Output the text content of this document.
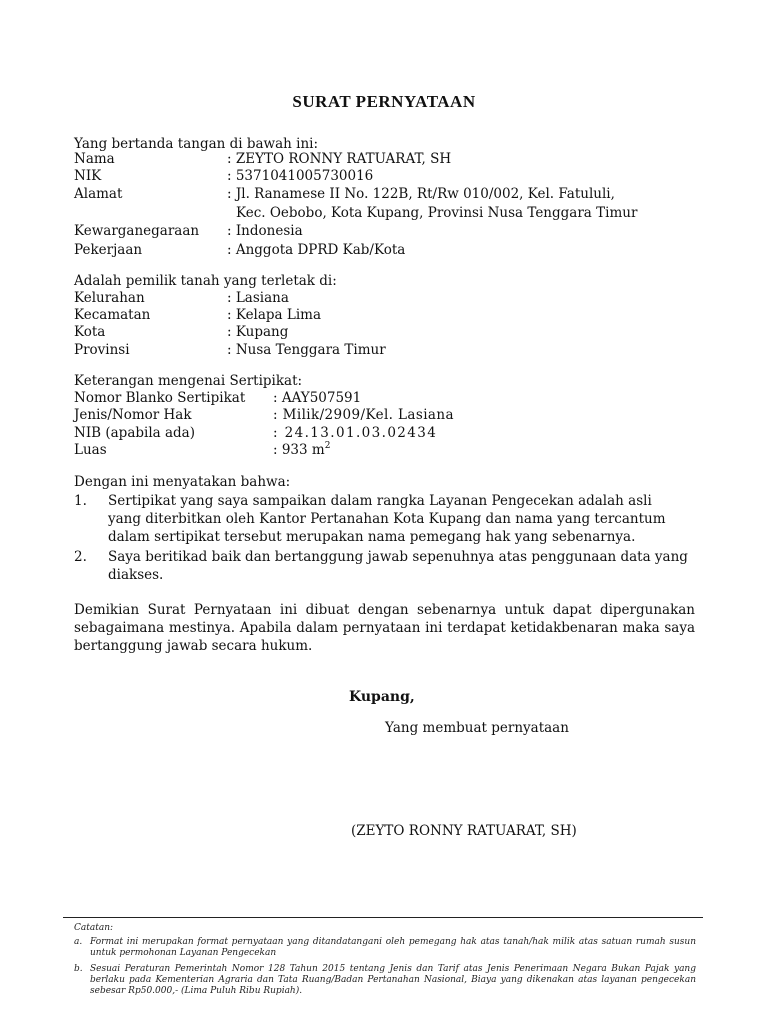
SURAT PERNYATAAN
Yang bertanda tangan di bawah ini:
Nama	: ZEYTO RONNY RATUARAT, SH
NIK	: 5371041005730016
Alamat	: Jl. Ranamese II No. 122B, Rt/Rw 010/002, Kel. Fatululi,
Kec. Oebobo, Kota Kupang, Provinsi Nusa Tenggara Timur
Kewarganegaraan : Indonesia
Pekerjaan	: Anggota DPRD Kab/Kota
Adalah pemilik tanah yang terletak di:
Kelurahan	: Lasiana
Kecamatan	: Kelapa Lima
Kota	: Kupang
Provinsi	: Nusa Tenggara Timur
Keterangan mengenai Sertipikat:
Nomor Blanko Sertipikat : AAY507591
Jenis/Nomor Hak	: Milik/2909/Kel. Lasiana
NIB (apabila ada)	: 24.13.01.03.02434
Luas	: 933 $m^2$
Dengan ini menyatakan bahwa:
1. Sertipikat yang saya sampaikan dalam rangka Layanan Pengecekan adalah asli
yang diterbitkan oleh Kantor Pertanahan Kota Kupang dan nama yang tercantum
dalam sertipikat tersebut merupakan nama pemegang hak yang sebenarnya.
2. Saya beritikad baik dan bertanggung jawab sepenuhnya atas penggunaan data yang
diakses.
Demikian Surat Pernyataan ini dibuat dengan sebenarnya untuk dapat dipergunakan sebagaimana mestinya. Apabila dalam pernyataan ini terdapat ketidakbenaran maka saya bertanggung jawab secara hukum.
Kupang,
Yang membuat pernyataan
(ZEYTO RONNY RATUARAT, SH)
Catatan:
a. Format ini merupakan format pernyataan yang ditandatangani oleh pemegang hak atas tanah/hak milik atas satuan rumah susun untuk permohonan Layanan Pengecekan
b. Sesuai Peraturan Pemerintah Nomor 128 Tahun 2015 tentang Jenis dan Tarif atas Jenis Penerimaan Negara Bukan Pajak yang berlaku pada Kementerian Agraria dan Tata Ruang/Badan Pertanahan Nasional, Biaya yang dikenakan atas layanan pengecekan sebesar Rp50.000,- (Lima Puluh Ribu Rupiah).
